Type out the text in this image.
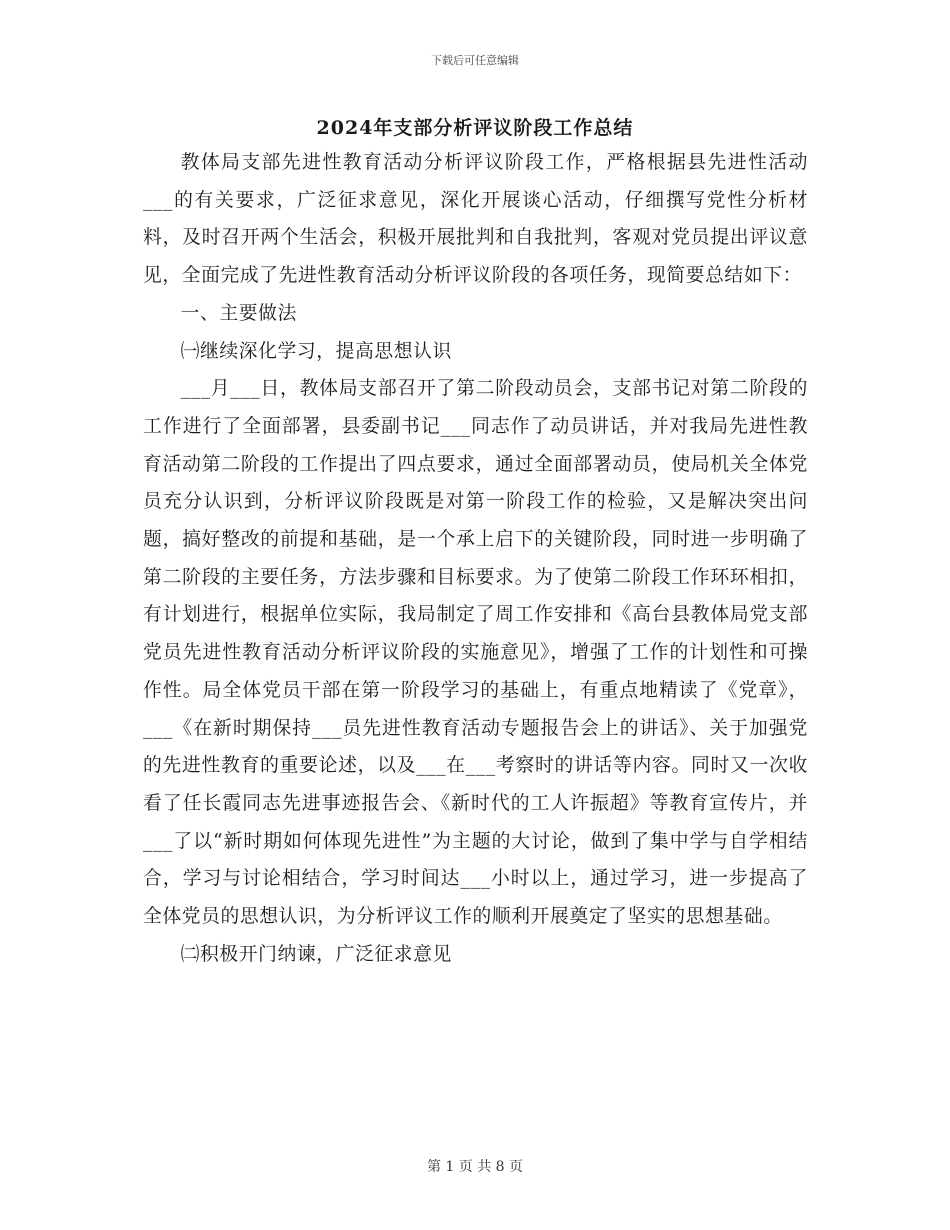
下载后可任意编辑
2024年支部分析评议阶段工作总结

教体局支部先进性教育活动分析评议阶段工作，严格根据县先进性活动___的有关要求，广泛征求意见，深化开展谈心活动，仔细撰写党性分析材料，及时召开两个生活会，积极开展批判和自我批判，客观对党员提出评议意见，全面完成了先进性教育活动分析评议阶段的各项任务，现简要总结如下：

一、主要做法

㈠继续深化学习，提高思想认识

___月___日，教体局支部召开了第二阶段动员会，支部书记对第二阶段的工作进行了全面部署，县委副书记___同志作了动员讲话，并对我局先进性教育活动第二阶段的工作提出了四点要求，通过全面部署动员，使局机关全体党员充分认识到，分析评议阶段既是对第一阶段工作的检验，又是解决突出问题，搞好整改的前提和基础，是一个承上启下的关键阶段，同时进一步明确了第二阶段的主要任务，方法步骤和目标要求。为了使第二阶段工作环环相扣，有计划进行，根据单位实际，我局制定了周工作安排和《高台县教体局党支部党员先进性教育活动分析评议阶段的实施意见》，增强了工作的计划性和可操作性。局全体党员干部在第一阶段学习的基础上，有重点地精读了《党章》，___《在新时期保持___员先进性教育活动专题报告会上的讲话》、关于加强党的先进性教育的重要论述，以及___在___考察时的讲话等内容。同时又一次收看了任长霞同志先进事迹报告会、《新时代的工人许振超》等教育宣传片，并___了以“新时期如何体现先进性”为主题的大讨论，做到了集中学与自学相结合，学习与讨论相结合，学习时间达___小时以上，通过学习，进一步提高了全体党员的思想认识，为分析评议工作的顺利开展奠定了坚实的思想基础。

㈡积极开门纳谏，广泛征求意见

第 1 页 共 8 页
